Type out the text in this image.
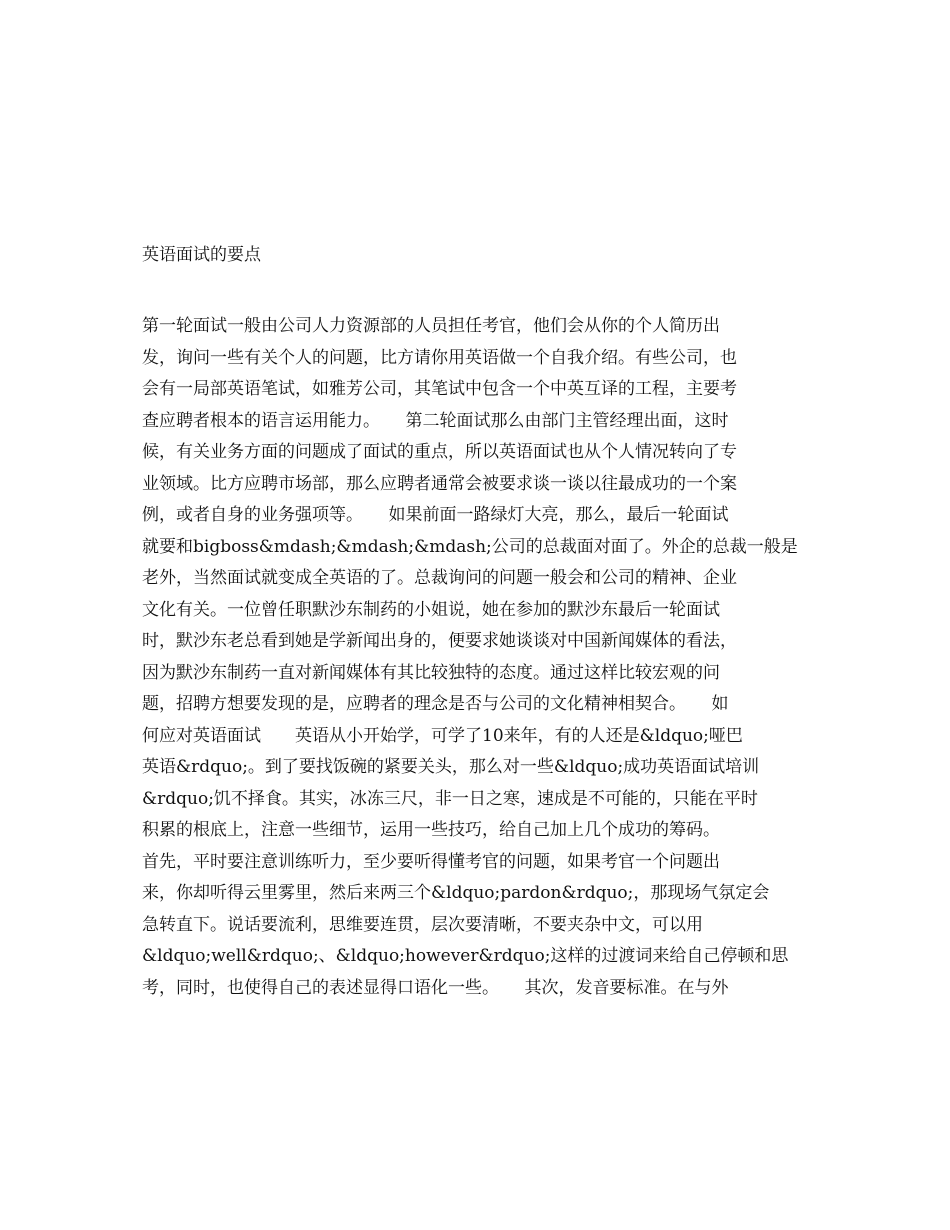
英语面试的要点
第一轮面试一般由公司人力资源部的人员担任考官，他们会从你的个人简历出
发，询问一些有关个人的问题，比方请你用英语做一个自我介绍。有些公司，也
会有一局部英语笔试，如雅芳公司，其笔试中包含一个中英互译的工程，主要考
查应聘者根本的语言运用能力。　　第二轮面试那么由部门主管经理出面，这时
候，有关业务方面的问题成了面试的重点，所以英语面试也从个人情况转向了专
业领域。比方应聘市场部，那么应聘者通常会被要求谈一谈以往最成功的一个案
例，或者自身的业务强项等。　　如果前面一路绿灯大亮，那么，最后一轮面试
就要和bigboss&mdash;&mdash;&mdash;公司的总裁面对面了。外企的总裁一般是
老外，当然面试就变成全英语的了。总裁询问的问题一般会和公司的精神、企业
文化有关。一位曾任职默沙东制药的小姐说，她在参加的默沙东最后一轮面试
时，默沙东老总看到她是学新闻出身的，便要求她谈谈对中国新闻媒体的看法，
因为默沙东制药一直对新闻媒体有其比较独特的态度。通过这样比较宏观的问
题，招聘方想要发现的是，应聘者的理念是否与公司的文化精神相契合。　　如
何应对英语面试　　英语从小开始学，可学了10来年，有的人还是&ldquo;哑巴
英语&rdquo;。到了要找饭碗的紧要关头，那么对一些&ldquo;成功英语面试培训
&rdquo;饥不择食。其实，冰冻三尺，非一日之寒，速成是不可能的，只能在平时
积累的根底上，注意一些细节，运用一些技巧，给自己加上几个成功的筹码。
首先，平时要注意训练听力，至少要听得懂考官的问题，如果考官一个问题出
来，你却听得云里雾里，然后来两三个&ldquo;pardon&rdquo;，那现场气氛定会
急转直下。说话要流利，思维要连贯，层次要清晰，不要夹杂中文，可以用
&ldquo;well&rdquo;、&ldquo;however&rdquo;这样的过渡词来给自己停顿和思
考，同时，也使得自己的表述显得口语化一些。　　其次，发音要标准。在与外
